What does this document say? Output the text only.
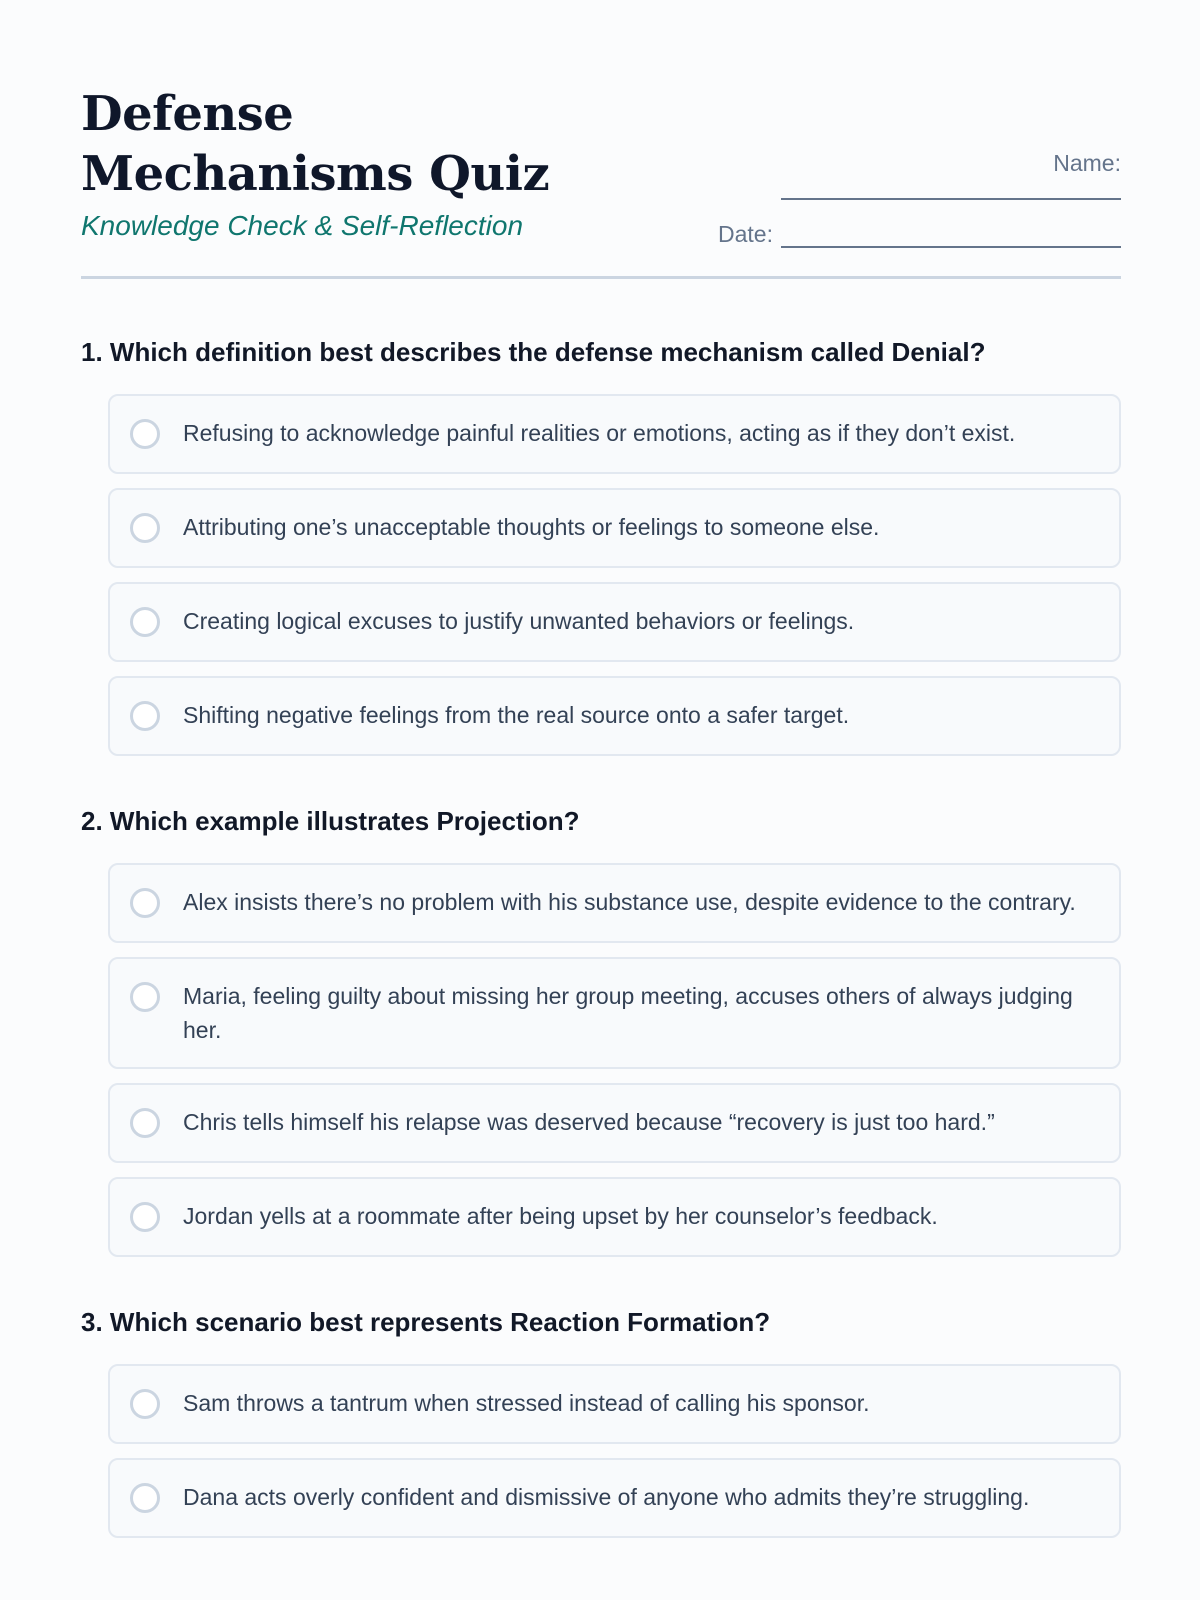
Defense Mechanisms Quiz
Knowledge Check & Self-Reflection
Name:
Date:
1. Which definition best describes the defense mechanism called Denial?
Refusing to acknowledge painful realities or emotions, acting as if they don’t exist.
Attributing one’s unacceptable thoughts or feelings to someone else.
Creating logical excuses to justify unwanted behaviors or feelings.
Shifting negative feelings from the real source onto a safer target.
2. Which example illustrates Projection?
Alex insists there’s no problem with his substance use, despite evidence to the contrary.
Maria, feeling guilty about missing her group meeting, accuses others of always judging her.
Chris tells himself his relapse was deserved because “recovery is just too hard.”
Jordan yells at a roommate after being upset by her counselor’s feedback.
3. Which scenario best represents Reaction Formation?
Sam throws a tantrum when stressed instead of calling his sponsor.
Dana acts overly confident and dismissive of anyone who admits they’re struggling.
